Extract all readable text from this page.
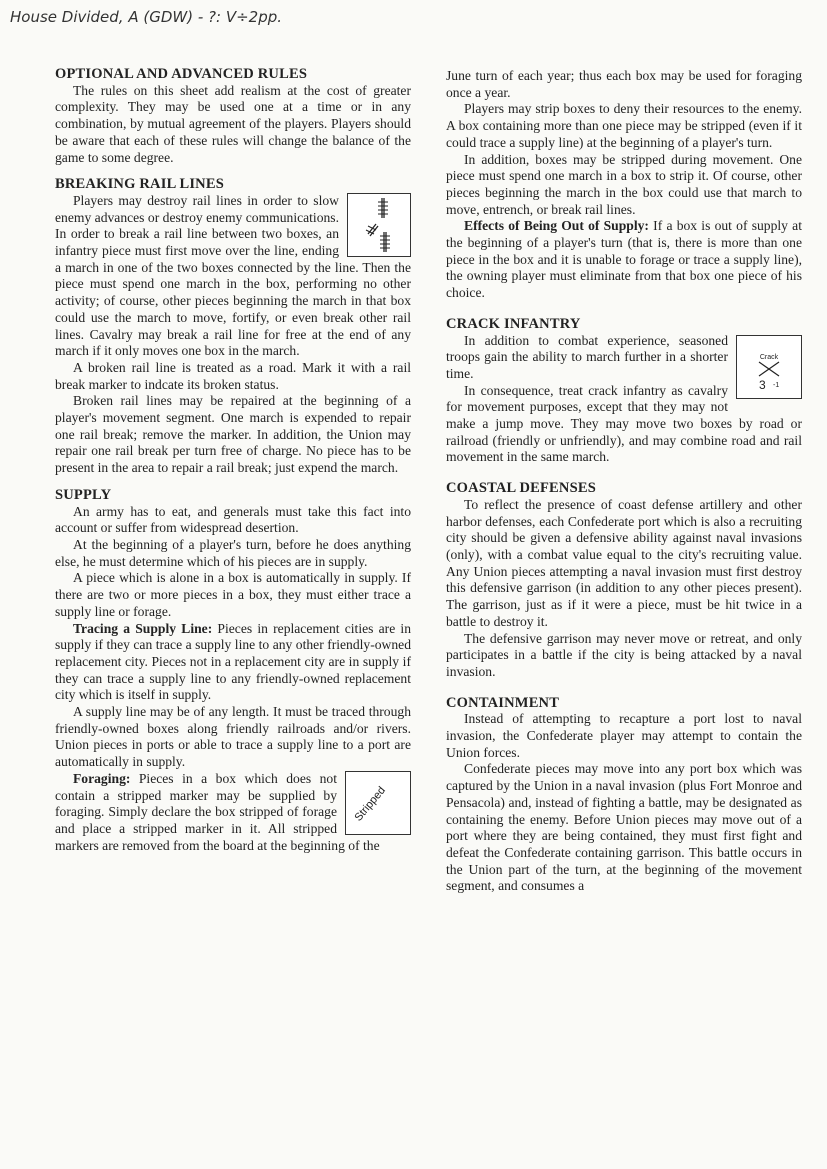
House Divided, A (GDW) - ?: V÷2pp.
OPTIONAL AND ADVANCED RULES

The rules on this sheet add realism at the cost of greater complexity. They may be used one at a time or in any combination, by mutual agreement of the players. Players should be aware that each of these rules will change the balance of the game to some degree.

BREAKING RAIL LINES

Players may destroy rail lines in order to slow enemy advances or destroy enemy communications. In order to break a rail line between two boxes, an infantry piece must first move over the line, ending a march in one of the two boxes connected by the line. Then the piece must spend one march in the box, performing no other activity; of course, other pieces beginning the march in that box could use the march to move, fortify, or even break other rail lines. Cavalry may break a rail line for free at the end of any march if it only moves one box in the march.

A broken rail line is treated as a road. Mark it with a rail break marker to indcate its broken status.

Broken rail lines may be repaired at the beginning of a player's movement segment. One march is expended to repair one rail break; remove the marker. In addition, the Union may repair one rail break per turn free of charge. No piece has to be present in the area to repair a rail break; just expend the march.

SUPPLY

An army has to eat, and generals must take this fact into account or suffer from widespread desertion.

At the beginning of a player's turn, before he does anything else, he must determine which of his pieces are in supply.

A piece which is alone in a box is automatically in supply. If there are two or more pieces in a box, they must either trace a supply line or forage.

Tracing a Supply Line: Pieces in replacement cities are in supply if they can trace a supply line to any other friendly-owned replacement city. Pieces not in a replacement city are in supply if they can trace a supply line to any friendly-owned replacement city which is itself in supply.

A supply line may be of any length. It must be traced through friendly-owned boxes along friendly railroads and/or rivers. Union pieces in ports or able to trace a supply line to a port are automatically in supply.

Stripped

Foraging: Pieces in a box which does not contain a stripped marker may be supplied by foraging. Simply declare the box stripped of forage and place a stripped marker in it. All stripped markers are removed from the board at the beginning of the

June turn of each year; thus each box may be used for foraging once a year.

Players may strip boxes to deny their resources to the enemy. A box containing more than one piece may be stripped (even if it could trace a supply line) at the beginning of a player's turn.

In addition, boxes may be stripped during movement. One piece must spend one march in a box to strip it. Of course, other pieces beginning the march in the box could use that march to move, entrench, or break rail lines.

Effects of Being Out of Supply: If a box is out of supply at the beginning of a player's turn (that is, there is more than one piece in the box and it is unable to forage or trace a supply line), the owning player must eliminate from that box one piece of his choice.

CRACK INFANTRY
Crack
3 -1

In addition to combat experience, seasoned troops gain the ability to march further in a shorter time.

In consequence, treat crack infantry as cavalry for movement purposes, except that they may not make a jump move. They may move two boxes by road or railroad (friendly or unfriendly), and may combine road and rail movement in the same march.

COASTAL DEFENSES

To reflect the presence of coast defense artillery and other harbor defenses, each Confederate port which is also a recruiting city should be given a defensive ability against naval invasions (only), with a combat value equal to the city's recruiting value. Any Union pieces attempting a naval invasion must first destroy this defensive garrison (in addition to any other pieces present). The garrison, just as if it were a piece, must be hit twice in a battle to destroy it.

The defensive garrison may never move or retreat, and only participates in a battle if the city is being attacked by a naval invasion.

CONTAINMENT

Instead of attempting to recapture a port lost to naval invasion, the Confederate player may attempt to contain the Union forces.

Confederate pieces may move into any port box which was captured by the Union in a naval invasion (plus Fort Monroe and Pensacola) and, instead of fighting a battle, may be designated as containing the enemy. Before Union pieces may move out of a port where they are being contained, they must first fight and defeat the Confederate containing garrison. This battle occurs in the Union part of the turn, at the beginning of the movement segment, and consumes a
